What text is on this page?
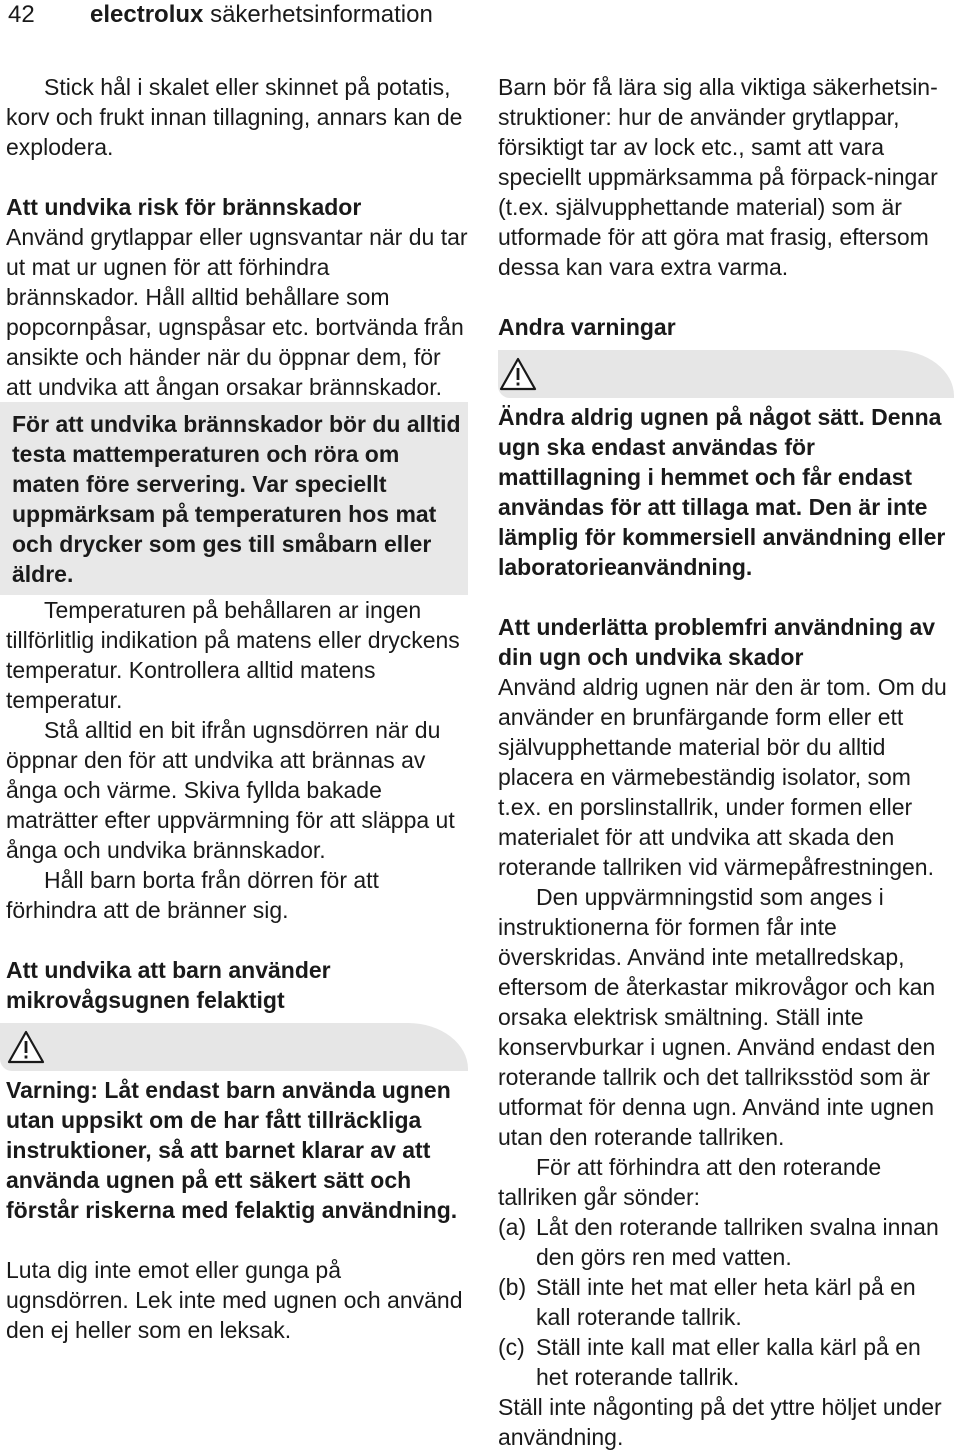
42 electrolux säkerhetsinformation

Stick hål i skalet eller skinnet på potatis, korv och frukt innan tillagning, annars kan de explodera.

Att undvika risk för brännskador

Använd grytlappar eller ugnsvantar när du tar ut mat ur ugnen för att förhindra brännskador. Håll alltid behållare som popcornpåsar, ugnspåsar etc. bortvända från ansikte och händer när du öppnar dem, för att undvika att ångan orsakar brännskador.

För att undvika brännskador bör du alltid testa mattemperaturen och röra om maten före servering. Var speciellt uppmärksam på temperaturen hos mat och drycker som ges till småbarn eller äldre.

Temperaturen på behållaren ar ingen tillförlitlig indikation på matens eller dryckens temperatur. Kontrollera alltid matens temperatur.

Stå alltid en bit ifrån ugnsdörren när du öppnar den för att undvika att brännas av ånga och värme. Skiva fyllda bakade maträtter efter uppvärmning för att släppa ut ånga och undvika brännskador.

Håll barn borta från dörren för att förhindra att de bränner sig.

Att undvika att barn använder mikrovågsugnen felaktigt

Varning: Låt endast barn använda ugnen utan uppsikt om de har fått tillräckliga instruktioner, så att barnet klarar av att använda ugnen på ett säkert sätt och förstår riskerna med felaktig användning.

Luta dig inte emot eller gunga på ugnsdörren. Lek inte med ugnen och använd den ej heller som en leksak.

Barn bör få lära sig alla viktiga säkerhetsin-struktioner: hur de använder grytlappar, försiktigt tar av lock etc., samt att vara speciellt uppmärksamma på förpack-ningar (t.ex. självupphettande material) som är utformade för att göra mat frasig, eftersom dessa kan vara extra varma.

Andra varningar

Ändra aldrig ugnen på något sätt. Denna ugn ska endast användas för mattillagning i hemmet och får endast användas för att tillaga mat. Den är inte lämplig för kommersiell användning eller laboratorieanvändning.

Att underlätta problemfri användning av din ugn och undvika skador

Använd aldrig ugnen när den är tom. Om du använder en brunfärgande form eller ett självupphettande material bör du alltid placera en värmebeständig isolator, som t.ex. en porslinstallrik, under formen eller materialet för att undvika att skada den roterande tallriken vid värmepåfrestningen.

Den uppvärmningstid som anges i instruktionerna för formen får inte överskridas. Använd inte metallredskap, eftersom de återkastar mikrovågor och kan orsaka elektrisk smältning. Ställ inte konservburkar i ugnen. Använd endast den roterande tallrik och det tallriksstöd som är utformat för denna ugn. Använd inte ugnen utan den roterande tallriken.

För att förhindra att den roterande tallriken går sönder:

(a) Låt den roterande tallriken svalna innan den görs ren med vatten.
(b) Ställ inte het mat eller heta kärl på en kall roterande tallrik.
(c) Ställ inte kall mat eller kalla kärl på en het roterande tallrik.

Ställ inte någonting på det yttre höljet under användning.
